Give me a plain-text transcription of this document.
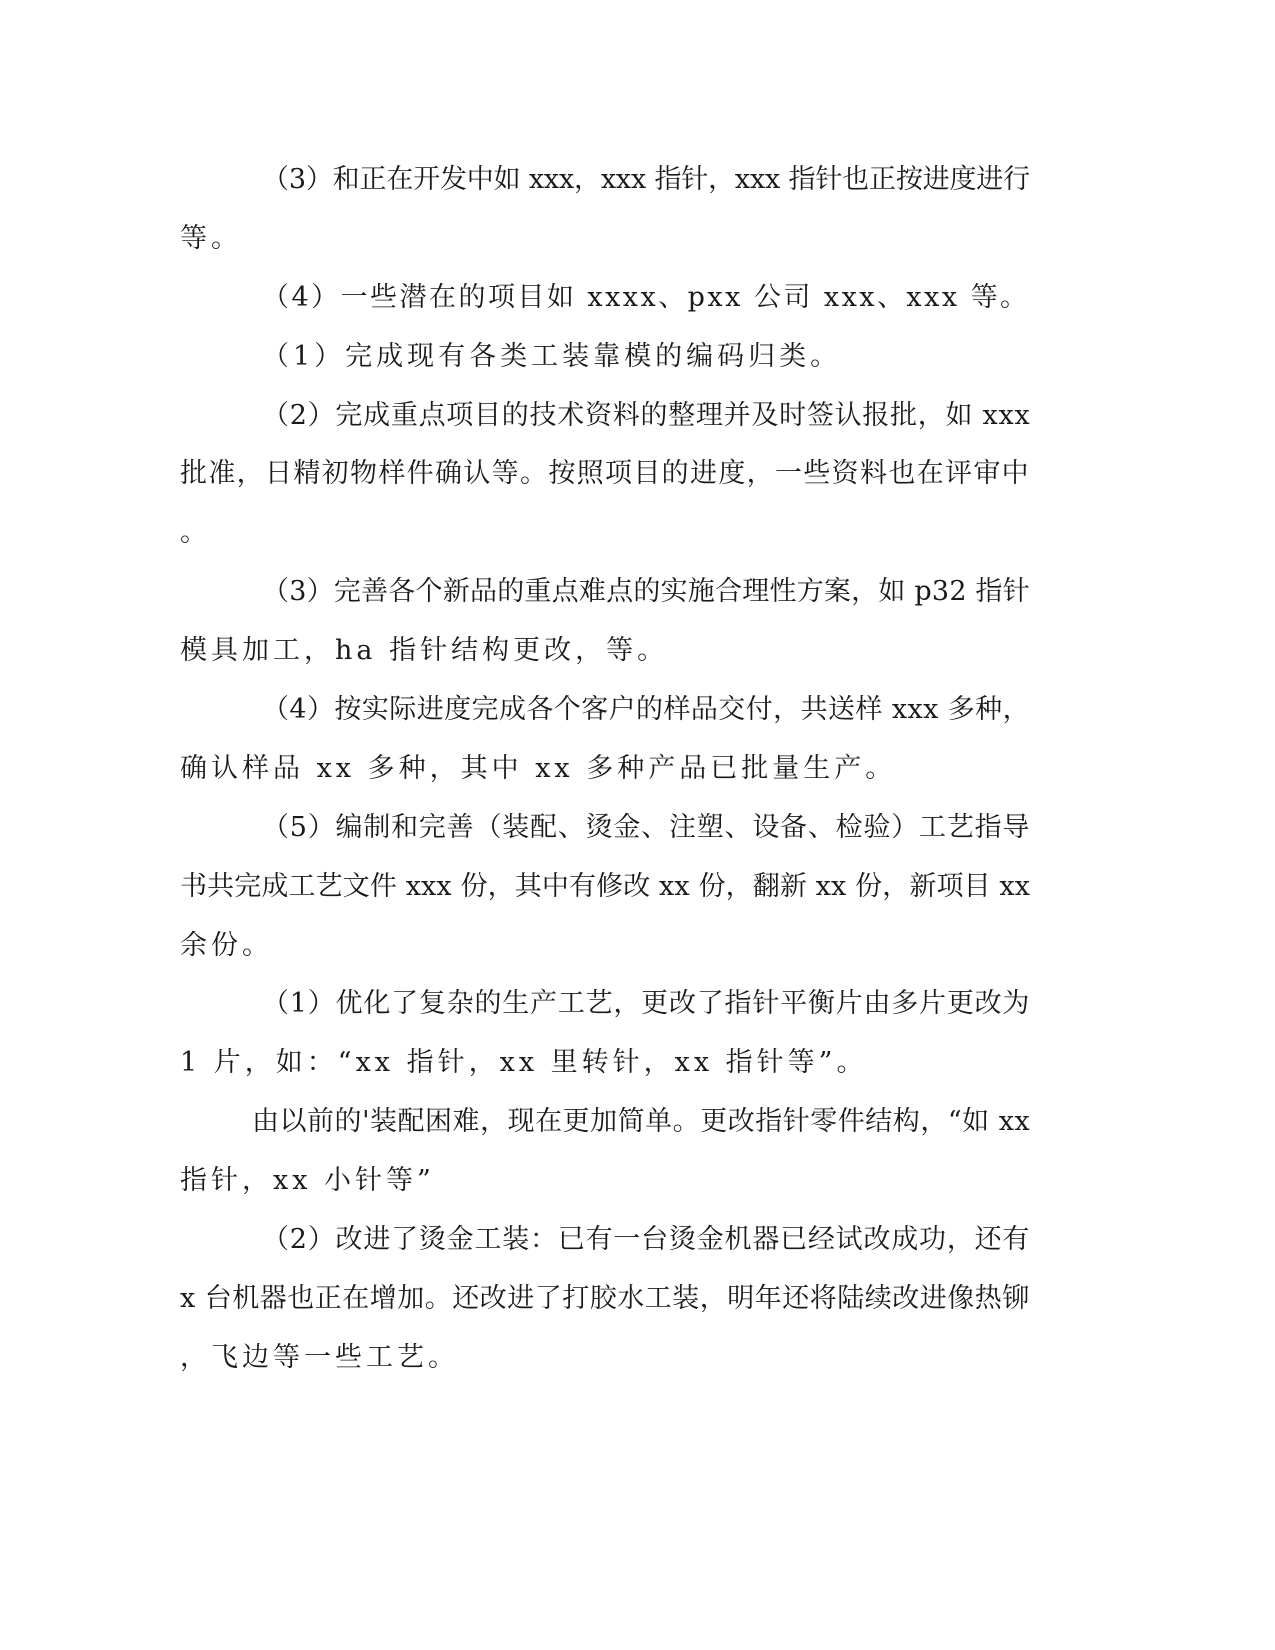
（3）和正在开发中如 xxx，xxx 指针，xxx 指针也正按进度进行
等。
（4）一些潜在的项目如 xxxx、pxx 公司 xxx、xxx 等。
（1）完成现有各类工装靠模的编码归类。
（2）完成重点项目的技术资料的整理并及时签认报批，如 xxx
批准，日精初物样件确认等。按照项目的进度，一些资料也在评审中
。
（3）完善各个新品的重点难点的实施合理性方案，如 p32 指针
模具加工，ha 指针结构更改，等。
（4）按实际进度完成各个客户的样品交付，共送样 xxx 多种，
确认样品 xx 多种，其中 xx 多种产品已批量生产。
（5）编制和完善（装配、烫金、注塑、设备、检验）工艺指导
书共完成工艺文件 xxx 份，其中有修改 xx 份，翻新 xx 份，新项目 xx
余份。
（1）优化了复杂的生产工艺，更改了指针平衡片由多片更改为
1 片，如：“xx 指针，xx 里转针，xx 指针等”。
由以前的'装配困难，现在更加简单。更改指针零件结构，“如 xx
指针，xx 小针等”
（2）改进了烫金工装：已有一台烫金机器已经试改成功，还有
x 台机器也正在增加。还改进了打胶水工装，明年还将陆续改进像热铆
，飞边等一些工艺。
